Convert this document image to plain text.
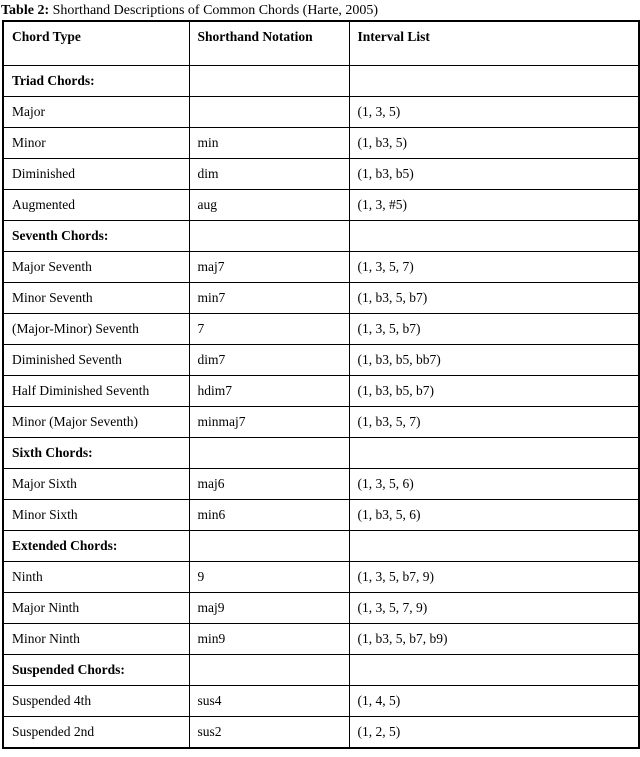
Table 2: Shorthand Descriptions of Common Chords (Harte, 2005)
Chord Type	Shorthand Notation	Interval List
Triad Chords:		
Major		(1, 3, 5)
Minor	min	(1, b3, 5)
Diminished	dim	(1, b3, b5)
Augmented	aug	(1, 3, #5)
Seventh Chords:		
Major Seventh	maj7	(1, 3, 5, 7)
Minor Seventh	min7	(1, b3, 5, b7)
(Major-Minor) Seventh	7	(1, 3, 5, b7)
Diminished Seventh	dim7	(1, b3, b5, bb7)
Half Diminished Seventh	hdim7	(1, b3, b5, b7)
Minor (Major Seventh)	minmaj7	(1, b3, 5, 7)
Sixth Chords:		
Major Sixth	maj6	(1, 3, 5, 6)
Minor Sixth	min6	(1, b3, 5, 6)
Extended Chords:		
Ninth	9	(1, 3, 5, b7, 9)
Major Ninth	maj9	(1, 3, 5, 7, 9)
Minor Ninth	min9	(1, b3, 5, b7, b9)
Suspended Chords:		
Suspended 4th	sus4	(1, 4, 5)
Suspended 2nd	sus2	(1, 2, 5)
